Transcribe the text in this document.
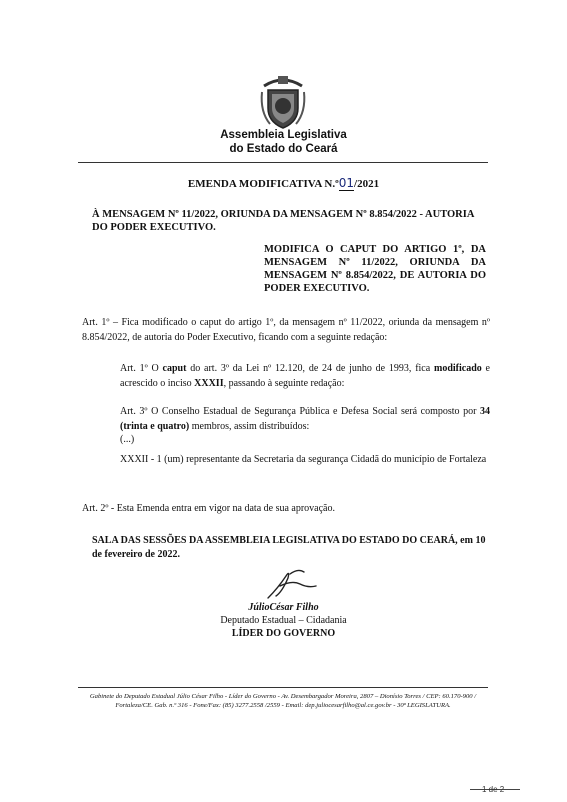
Assembleia Legislativa
do Estado do Ceará
EMENDA MODIFICATIVA N.º01/2021
À MENSAGEM Nº 11/2022, ORIUNDA DA MENSAGEM Nº 8.854/2022 - AUTORIA DO PODER EXECUTIVO.
MODIFICA O CAPUT DO ARTIGO 1º, DA MENSAGEM Nº 11/2022, ORIUNDA DA MENSAGEM Nº 8.854/2022, DE AUTORIA DO PODER EXECUTIVO.
Art. 1º – Fica modificado o caput do artigo 1º, da mensagem nº 11/2022, oriunda da mensagem nº 8.854/2022, de autoria do Poder Executivo, ficando com a seguinte redação:
Art. 1º O caput do art. 3º da Lei nº 12.120, de 24 de junho de 1993, fica modificado e acrescido o inciso XXXII, passando à seguinte redação:
Art. 3º O Conselho Estadual de Segurança Pública e Defesa Social será composto por 34 (trinta e quatro) membros, assim distribuídos:
(...)
XXXII - 1 (um) representante da Secretaria da segurança Cidadã do município de Fortaleza
Art. 2º - Esta Emenda entra em vigor na data de sua aprovação.
SALA DAS SESSÕES DA ASSEMBLEIA LEGISLATIVA DO ESTADO DO CEARÁ, em 10 de fevereiro de 2022.
JúlioCésar Filho
Deputado Estadual – Cidadania
LÍDER DO GOVERNO
Gabinete do Deputado Estadual Júlio César Filho - Líder do Governo - Av. Desembargador Moreira, 2807 – Dionísio Torres / CEP: 60.170-900 / Fortaleza/CE. Gab. n.º 316 - Fone/Fax: (85) 3277.2558 /2559 - Email: dep.juliocesarfilho@al.ce.gov.br - 30ª LEGISLATURA.
1 de 2
